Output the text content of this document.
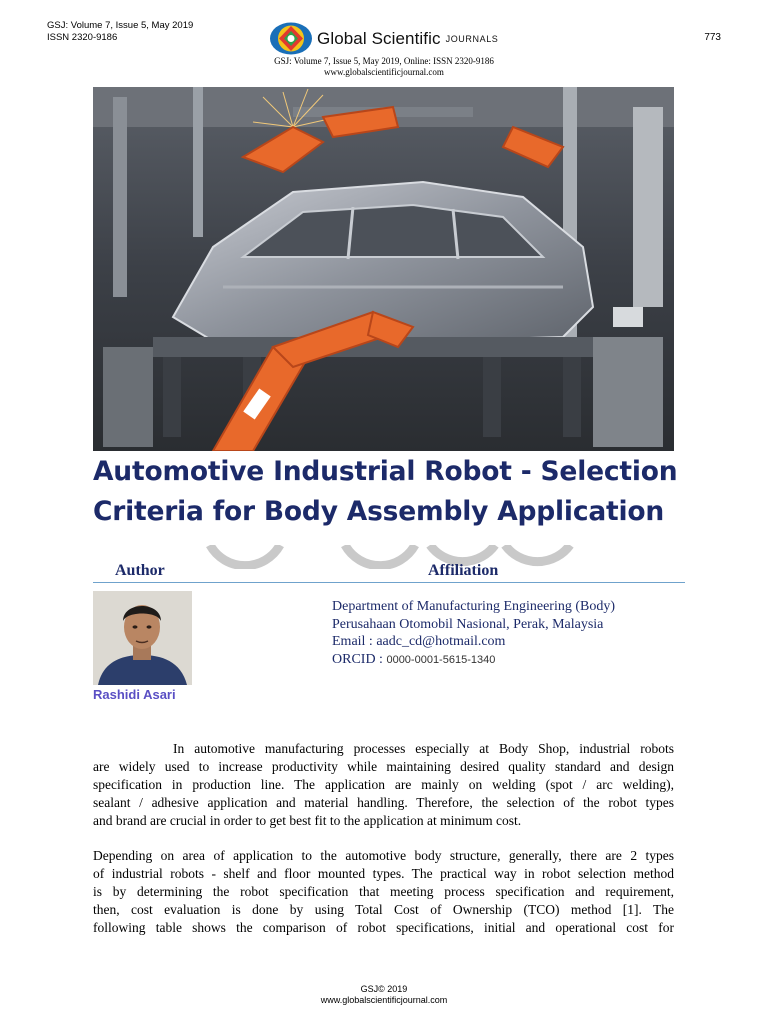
GSJ: Volume 7, Issue 5, May 2019
ISSN 2320-9186	Global Scientific JOURNALS	773
GSJ: Volume 7, Issue 5, May 2019, Online: ISSN 2320-9186
www.globalscientificjournal.com
Automotive Industrial Robot - Selection
Criteria for Body Assembly Application
Author	Affiliation
Rashidi Asari
Department of Manufacturing Engineering (Body)
Perusahaan Otomobil Nasional, Perak, Malaysia
Email : aadc_cd@hotmail.com
ORCID : 0000-0001-5615-1340
In automotive manufacturing processes especially at Body Shop, industrial robots
are widely used to increase productivity while maintaining desired quality standard and design
specification in production line. The application are mainly on welding (spot / arc welding),
sealant / adhesive application and material handling. Therefore, the selection of the robot types
and brand are crucial in order to get best fit to the application at minimum cost.
Depending on area of application to the automotive body structure, generally, there are 2 types
of industrial robots - shelf and floor mounted types. The practical way in robot selection method
is by determining the robot specification that meeting process specification and requirement,
then, cost evaluation is done by using Total Cost of Ownership (TCO) method [1]. The
following table shows the comparison of robot specifications, initial and operational cost for
GSJ© 2019
www.globalscientificjournal.com
